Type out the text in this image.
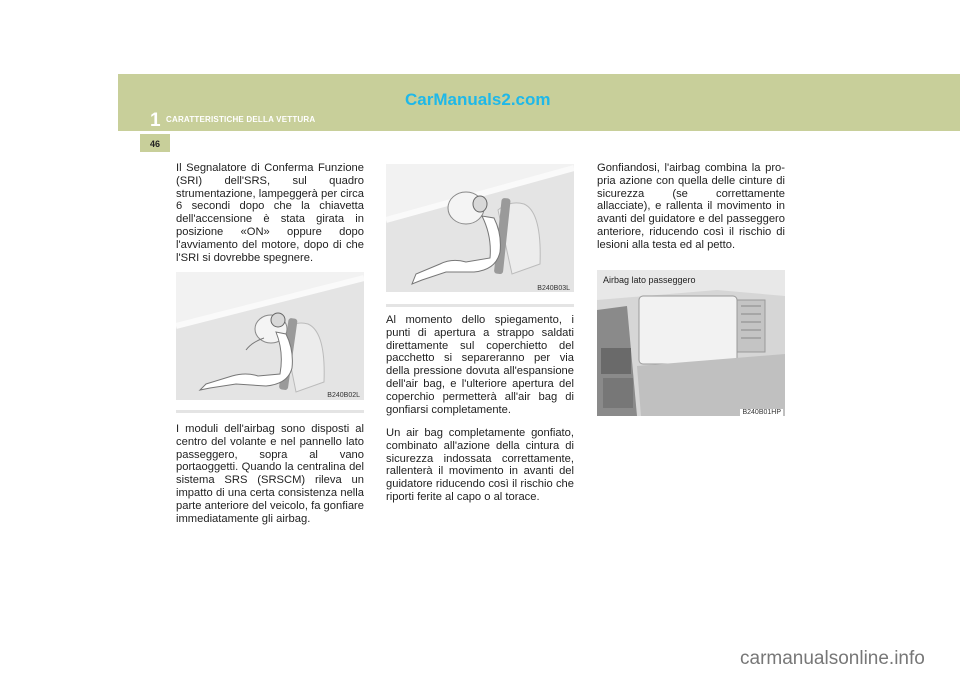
1 CARATTERISTICHE DELLA VETTURA
CarManuals2.com
46
Il Segnalatore di Conferma Funzione (SRI) dell'SRS, sul quadro strumentazione, lampeggerà per circa 6 secondi dopo che la chiavetta dell'accensione è stata girata in posizione «ON» oppure dopo l'avviamento del motore, dopo di che l'SRI si dovrebbe spegnere.
B240B02L
I moduli dell'airbag sono disposti al centro del volante e nel pannello lato passeggero, sopra al vano portaoggetti. Quando la centralina del sistema SRS (SRSCM) rileva un impatto di una certa consistenza nella parte anteriore del veicolo, fa gonfiare immediatamente gli airbag.
B240B03L
Al momento dello spiegamento, i punti di apertura a strappo saldati direttamente sul coperchietto del pacchetto si separeranno per via della pressione dovuta all'espansione dell'air bag, e l'ulteriore apertura del coperchio permetterà all'air bag di gonfiarsi completamente.
Un air bag completamente gonfiato, combinato all'azione della cintura di sicurezza indossata correttamente, rallenterà il movimento in avanti del guidatore riducendo così il rischio che riporti ferite al capo o al torace.
Gonfiandosi, l'airbag combina la pro-pria azione con quella delle cinture di sicurezza (se correttamente allacciate), e rallenta il movimento in avanti del guidatore e del passeggero anteriore, riducendo così il rischio di lesioni alla testa ed al petto.
Airbag lato passeggero
B240B01HP
carmanualsonline.info
